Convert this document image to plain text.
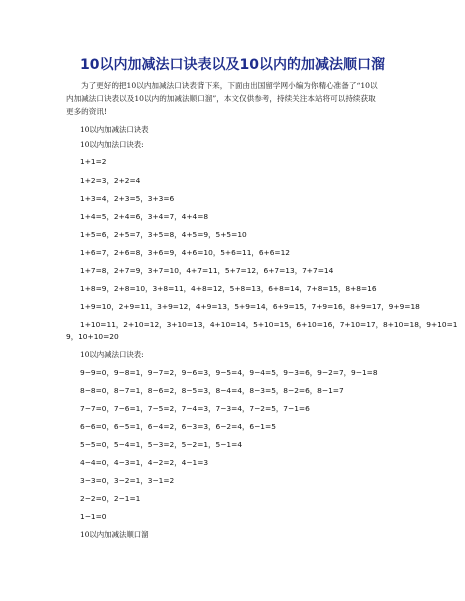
10以内加减法口诀表以及10以内的加减法顺口溜
为了更好的把10以内加减法口诀表背下来，下面由出国留学网小编为你精心准备了“10以
内加减法口诀表以及10以内的加减法顺口溜”，本文仅供参考，持续关注本站将可以持续获取
更多的资讯!
10以内加减法口诀表
10以内加法口诀表:
1+1=2
1+2=3，2+2=4
1+3=4，2+3=5，3+3=6
1+4=5，2+4=6，3+4=7，4+4=8
1+5=6，2+5=7，3+5=8，4+5=9，5+5=10
1+6=7，2+6=8，3+6=9，4+6=10，5+6=11，6+6=12
1+7=8，2+7=9，3+7=10，4+7=11，5+7=12，6+7=13，7+7=14
1+8=9，2+8=10，3+8=11，4+8=12，5+8=13，6+8=14，7+8=15，8+8=16
1+9=10，2+9=11，3+9=12，4+9=13，5+9=14，6+9=15，7+9=16，8+9=17，9+9=18
1+10=11，2+10=12，3+10=13，4+10=14，5+10=15，6+10=16，7+10=17，8+10=18，9+10=1
9，10+10=20
10以内减法口诀表:
9−9=0，9−8=1，9−7=2，9−6=3，9−5=4，9−4=5，9−3=6，9−2=7，9−1=8
8−8=0，8−7=1，8−6=2，8−5=3，8−4=4，8−3=5，8−2=6，8−1=7
7−7=0，7−6=1，7−5=2，7−4=3，7−3=4，7−2=5，7−1=6
6−6=0，6−5=1，6−4=2，6−3=3，6−2=4，6−1=5
5−5=0，5−4=1，5−3=2，5−2=1，5−1=4
4−4=0，4−3=1，4−2=2，4−1=3
3−3=0，3−2=1，3−1=2
2−2=0，2−1=1
1−1=0
10以内加减法顺口溜
